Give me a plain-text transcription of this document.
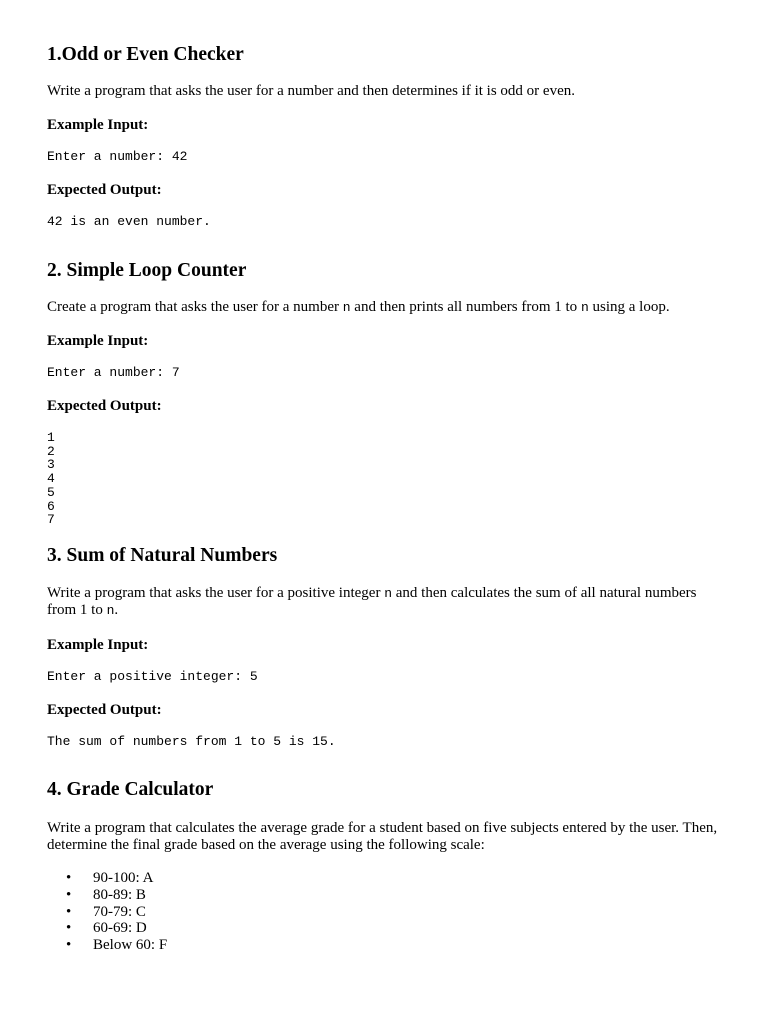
1.Odd or Even Checker

Write a program that asks the user for a number and then determines if it is odd or even.

Example Input:

Enter a number: 42

Expected Output:

42 is an even number.
2. Simple Loop Counter

Create a program that asks the user for a number n and then prints all numbers from 1 to n using a loop.

Example Input:

Enter a number: 7

Expected Output:

1
2
3
4
5
6
7
3. Sum of Natural Numbers

Write a program that asks the user for a positive integer n and then calculates the sum of all natural numbers from 1 to n.

Example Input:

Enter a positive integer: 5

Expected Output:

The sum of numbers from 1 to 5 is 15.
4. Grade Calculator

Write a program that calculates the average grade for a student based on five subjects entered by the user. Then, determine the final grade based on the average using the following scale:

• 90-100: A
• 80-89: B
• 70-79: C
• 60-69: D
• Below 60: F
